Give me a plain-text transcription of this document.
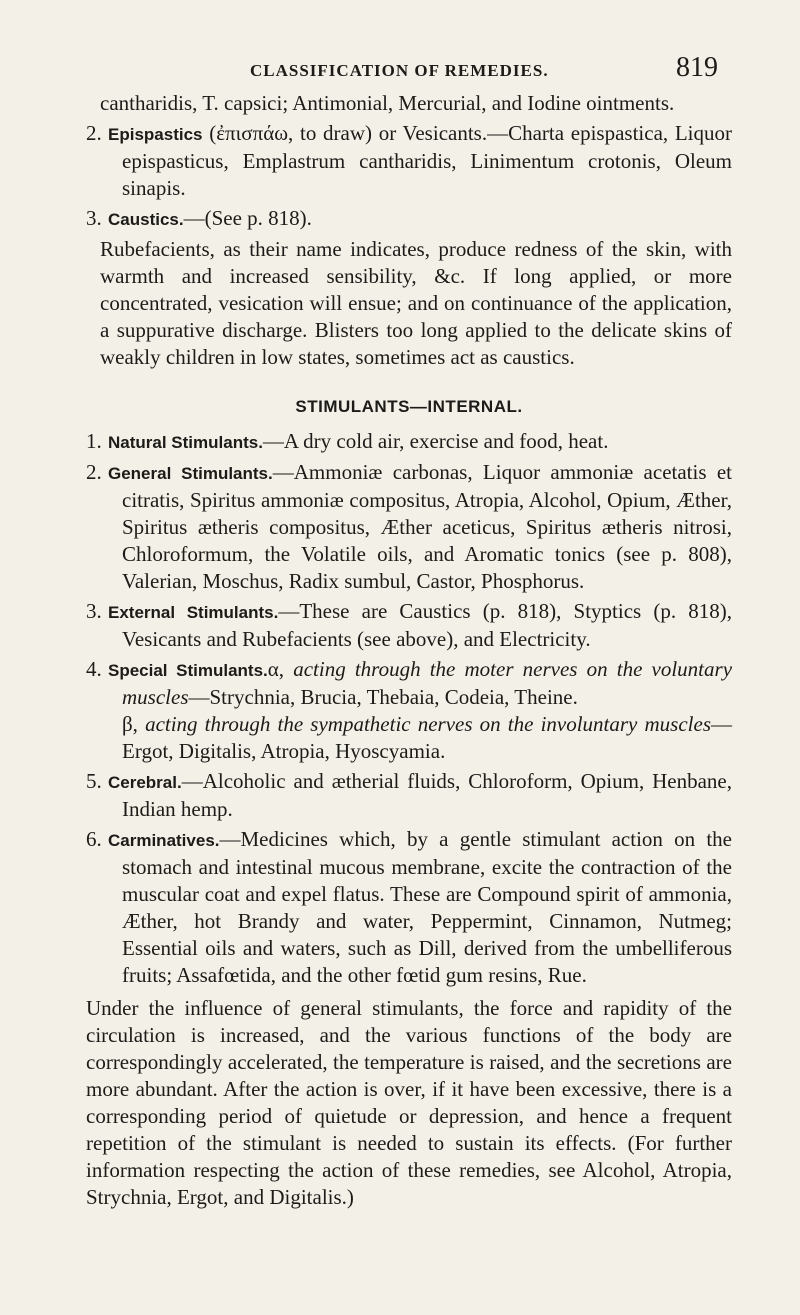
CLASSIFICATION OF REMEDIES.	819

cantharidis, T. capsici; Antimonial, Mercurial, and Iodine ointments.

2. Epispastics (ἐπισπάω, to draw) or Vesicants.—Charta epispastica, Liquor epispasticus, Emplastrum cantharidis, Linimentum crotonis, Oleum sinapis.

3. Caustics.—(See p. 818).

Rubefacients, as their name indicates, produce redness of the skin, with warmth and increased sensibility, &c. If long applied, or more concentrated, vesication will ensue; and on continuance of the application, a suppurative discharge. Blisters too long applied to the delicate skins of weakly children in low states, sometimes act as caustics.

STIMULANTS—INTERNAL.

1. Natural Stimulants.—A dry cold air, exercise and food, heat.

2. General Stimulants.—Ammoniæ carbonas, Liquor ammoniæ acetatis et citratis, Spiritus ammoniæ compositus, Atropia, Alcohol, Opium, Æther, Spiritus ætheris compositus, Æther aceticus, Spiritus ætheris nitrosi, Chloroformum, the Volatile oils, and Aromatic tonics (see p. 808), Valerian, Moschus, Radix sumbul, Castor, Phosphorus.

3. External Stimulants.—These are Caustics (p. 818), Styptics (p. 818), Vesicants and Rubefacients (see above), and Electricity.

4. Special Stimulants.α, acting through the moter nerves on the voluntary muscles—Strychnia, Brucia, Thebaia, Codeia, Theine.

β, acting through the sympathetic nerves on the involuntary muscles—Ergot, Digitalis, Atropia, Hyoscyamia.

5. Cerebral.—Alcoholic and ætherial fluids, Chloroform, Opium, Henbane, Indian hemp.

6. Carminatives.—Medicines which, by a gentle stimulant action on the stomach and intestinal mucous membrane, excite the contraction of the muscular coat and expel flatus. These are Compound spirit of ammonia, Æther, hot Brandy and water, Peppermint, Cinnamon, Nutmeg; Essential oils and waters, such as Dill, derived from the umbelliferous fruits; Assafœtida, and the other fœtid gum resins, Rue.

Under the influence of general stimulants, the force and rapidity of the circulation is increased, and the various functions of the body are correspondingly accelerated, the temperature is raised, and the secretions are more abundant. After the action is over, if it have been excessive, there is a corresponding period of quietude or depression, and hence a frequent repetition of the stimulant is needed to sustain its effects. (For further information respecting the action of these remedies, see Alcohol, Atropia, Strychnia, Ergot, and Digitalis.)
